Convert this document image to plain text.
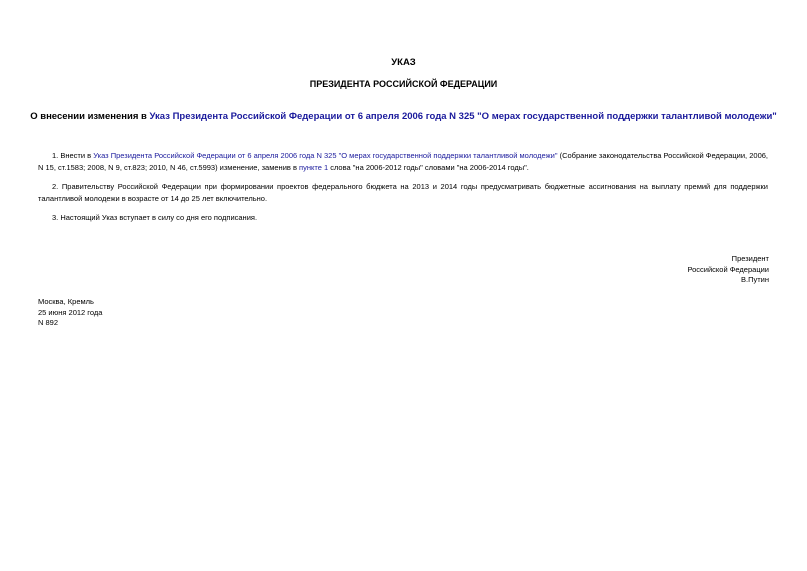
УКАЗ
ПРЕЗИДЕНТА РОССИЙСКОЙ ФЕДЕРАЦИИ
О внесении изменения в Указ Президента Российской Федерации от 6 апреля 2006 года N 325 "О мерах государственной поддержки талантливой молодежи"
1. Внести в Указ Президента Российской Федерации от 6 апреля 2006 года N 325 "О мерах государственной поддержки талантливой молодежи" (Собрание законодательства Российской Федерации, 2006, N 15, ст.1583; 2008, N 9, ст.823; 2010, N 46, ст.5993) изменение, заменив в пункте 1 слова "на 2006-2012 годы" словами "на 2006-2014 годы".
2. Правительству Российской Федерации при формировании проектов федерального бюджета на 2013 и 2014 годы предусматривать бюджетные ассигнования на выплату премий для поддержки талантливой молодежи в возрасте от 14 до 25 лет включительно.
3. Настоящий Указ вступает в силу со дня его подписания.
Президент
Российской Федерации
В.Путин
Москва, Кремль
25 июня 2012 года
N 892
